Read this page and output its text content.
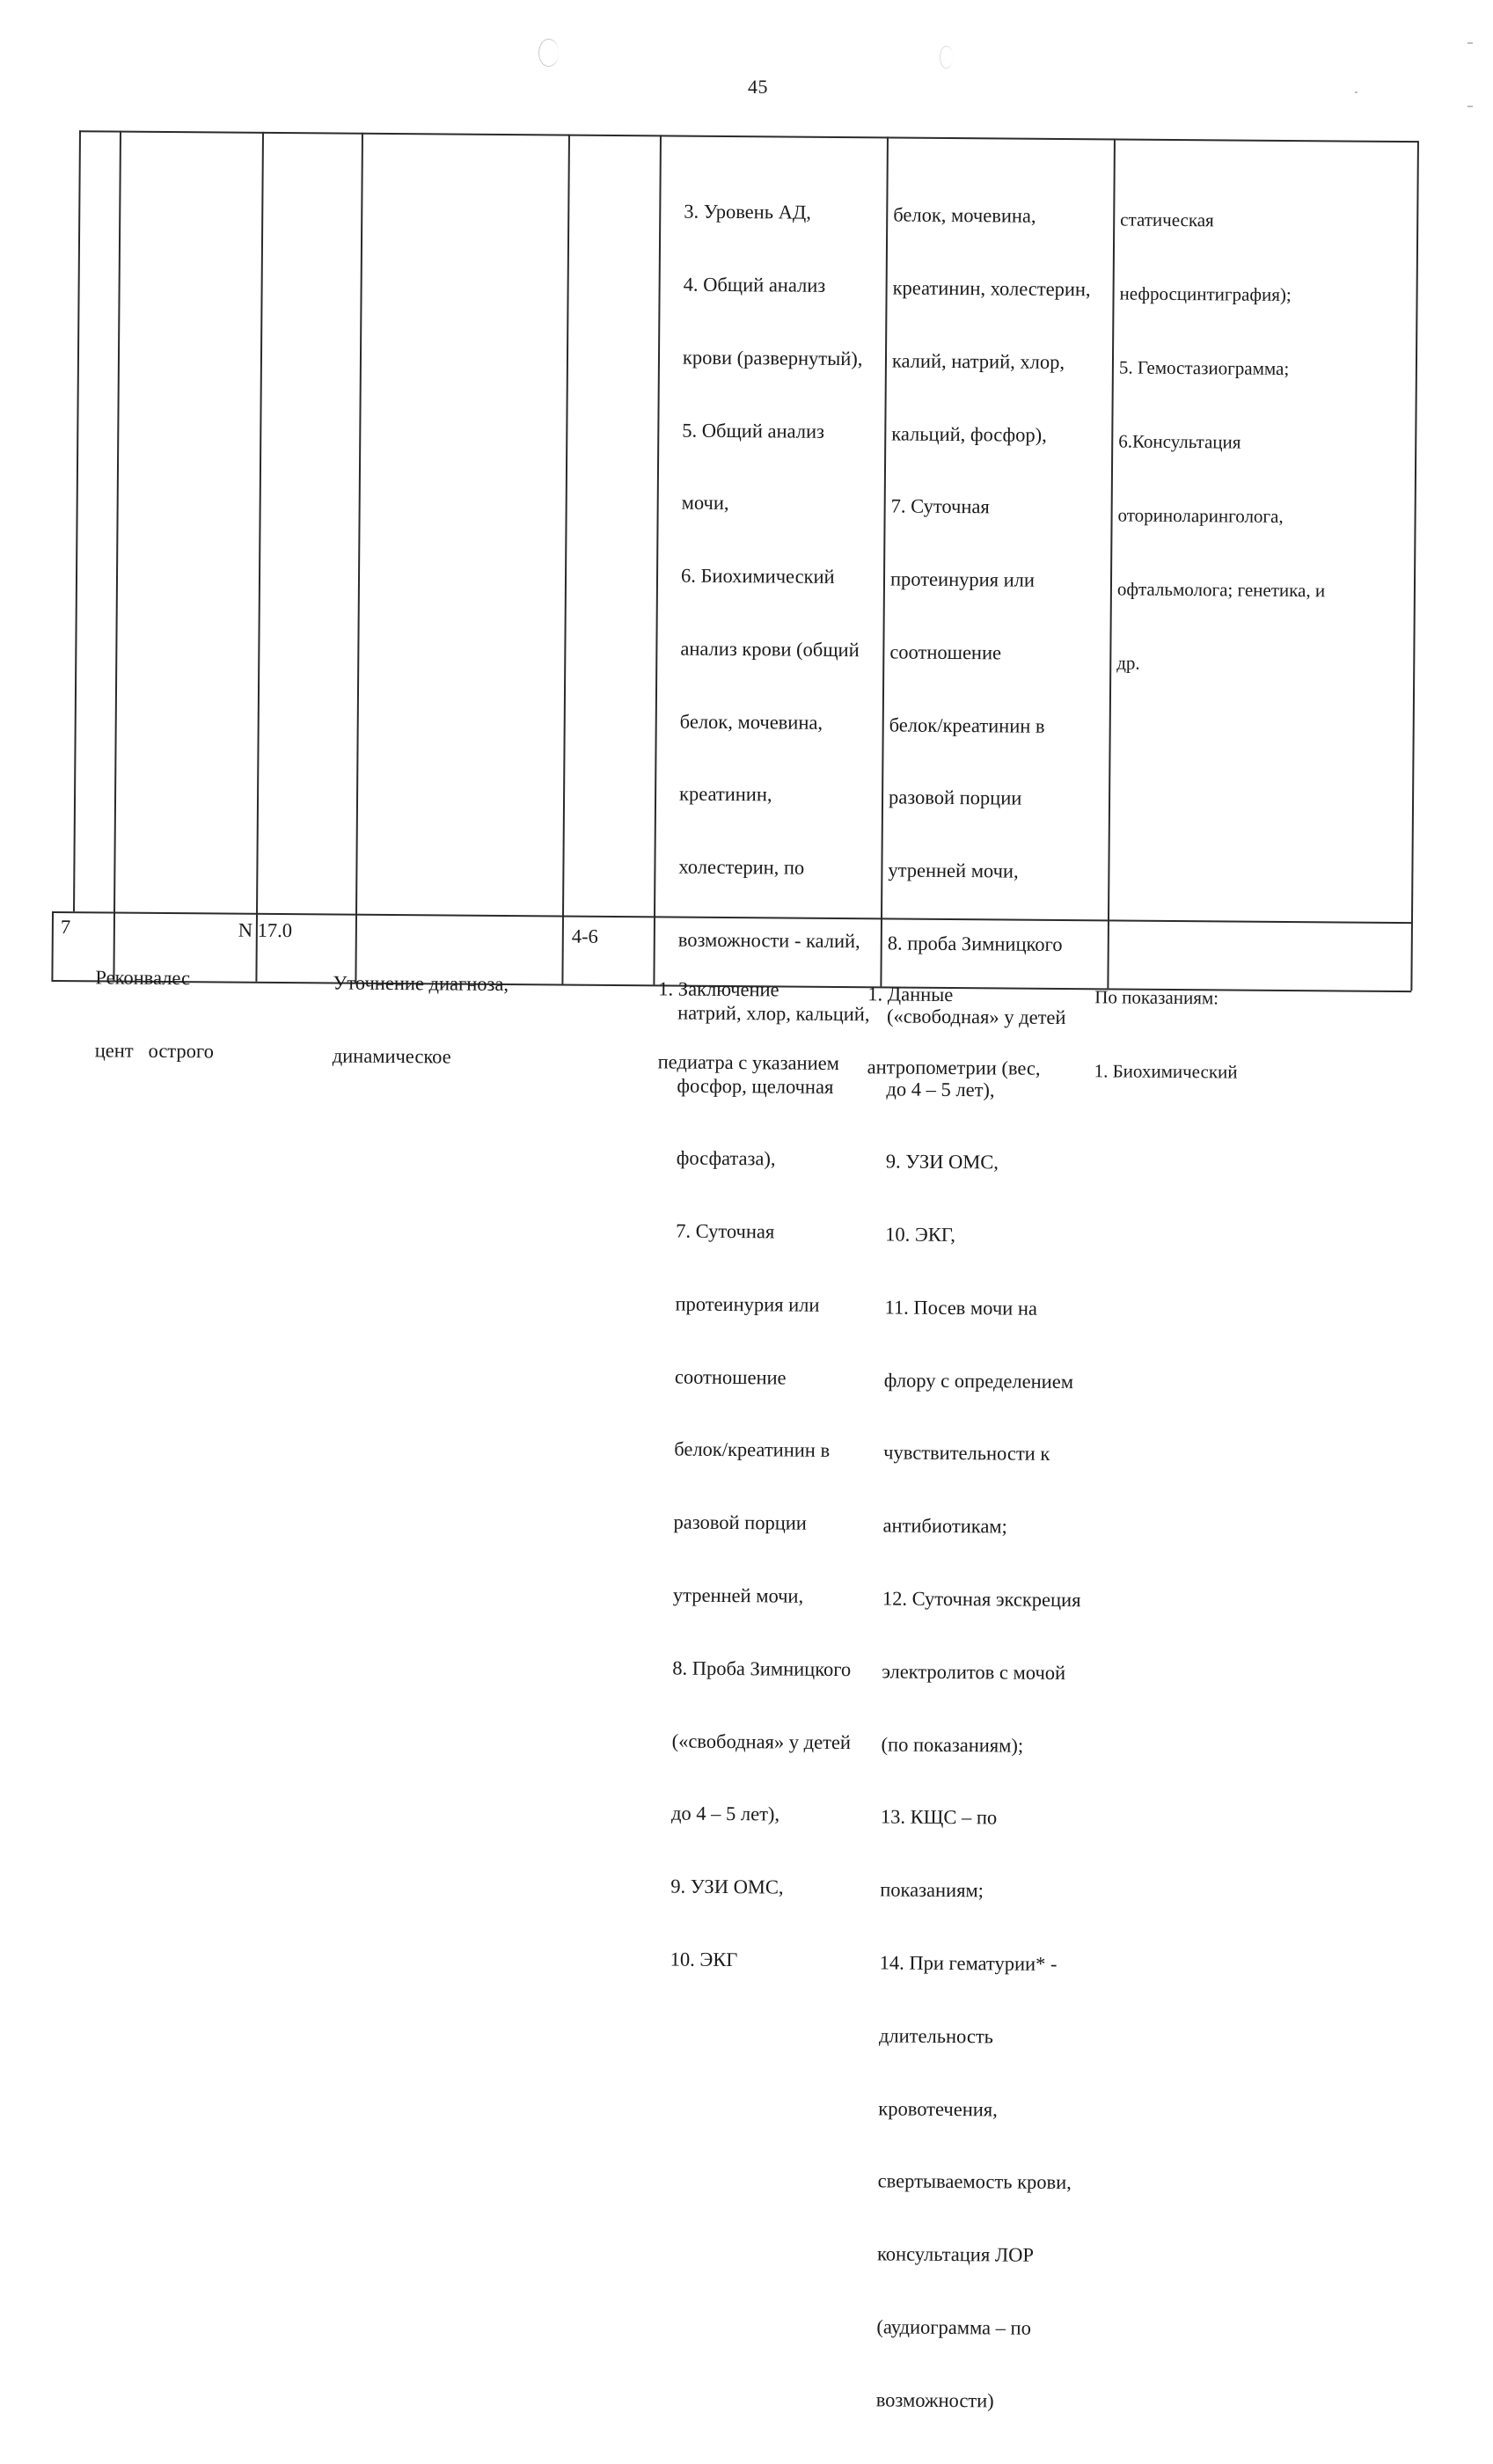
45

3. Уровень АД,

4. Общий анализ

крови (развернутый),

5. Общий анализ

мочи,

6. Биохимический

анализ крови (общий

белок, мочевина,

креатинин,

холестерин, по

возможности - калий,

натрий, хлор, кальций,

фосфор, щелочная

фосфатаза),

7. Суточная

протеинурия или

соотношение

белок/креатинин в

разовой порции

утренней мочи,

8. Проба Зимницкого

(«свободная» у детей

до 4 – 5 лет),

9. УЗИ ОМС,

10. ЭКГ

белок, мочевина,

креатинин, холестерин,

калий, натрий, хлор,

кальций, фосфор),

7. Суточная

протеинурия или

соотношение

белок/креатинин в

разовой порции

утренней мочи,

8. проба Зимницкого

(«свободная» у детей

до 4 – 5 лет),

9. УЗИ ОМС,

10. ЭКГ,

11. Посев мочи на

флору с определением

чувствительности к

антибиотикам;

12. Суточная экскреция

электролитов с мочой

(по показаниям);

13. КЩС – по

показаниям;

14. При гематурии* -

длительность

кровотечения,

свертываемость крови,

консультация ЛОР

(аудиограмма – по

возможности)

статическая

нефросцинтиграфия);

5. Гемостазиограмма;

6.Консультация

оториноларинголога,

офтальмолога; генетика, и

др.

7

Реконвалес

цент   острого

N 17.0

Уточнение диагноза,

динамическое

4-6

1. Заключение

педиатра с указанием

1. Данные

антропометрии (вес,

По показаниям:

1. Биохимический
